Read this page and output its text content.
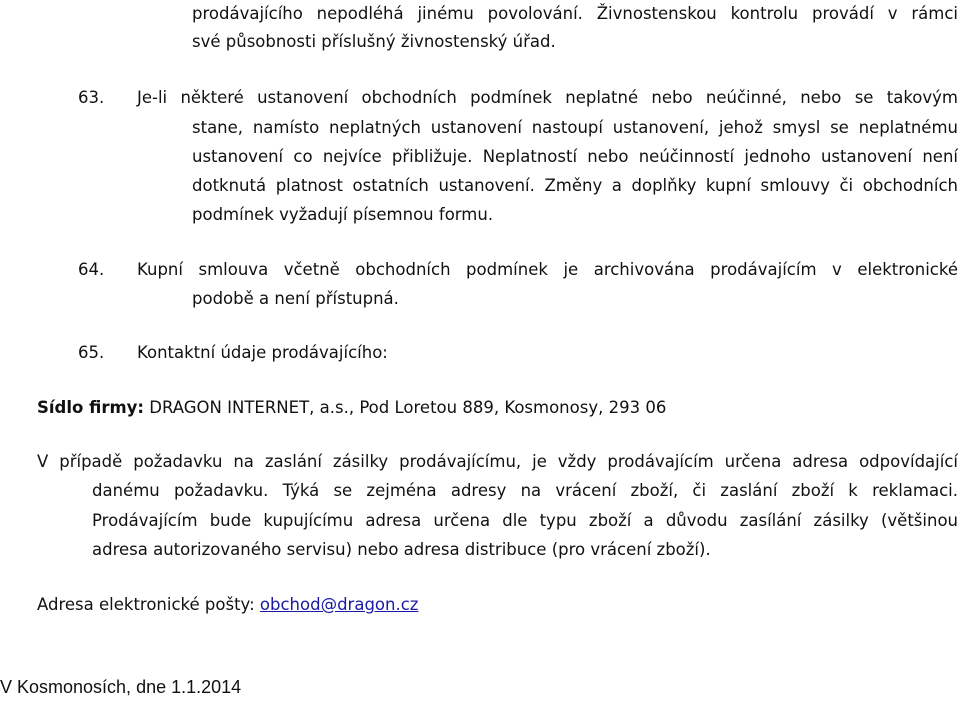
prodávajícího nepodléhá jinému povolování. Živnostenskou kontrolu provádí v rámci
své působnosti příslušný živnostenský úřad.
63. Je-li některé ustanovení obchodních podmínek neplatné nebo neúčinné, nebo se takovým
stane, namísto neplatných ustanovení nastoupí ustanovení, jehož smysl se neplatnému
ustanovení co nejvíce přibližuje. Neplatností nebo neúčinností jednoho ustanovení není
dotknutá platnost ostatních ustanovení. Změny a doplňky kupní smlouvy či obchodních
podmínek vyžadují písemnou formu.
64. Kupní smlouva včetně obchodních podmínek je archivována prodávajícím v elektronické
podobě a není přístupná.
65. Kontaktní údaje prodávajícího:
Sídlo firmy: DRAGON INTERNET, a.s., Pod Loretou 889, Kosmonosy, 293 06
V případě požadavku na zaslání zásilky prodávajícímu, je vždy prodávajícím určena adresa odpovídající
danému požadavku. Týká se zejména adresy na vrácení zboží, či zaslání zboží k reklamaci.
Prodávajícím bude kupujícímu adresa určena dle typu zboží a důvodu zasílání zásilky (většinou
adresa autorizovaného servisu) nebo adresa distribuce (pro vrácení zboží).
Adresa elektronické pošty: obchod@dragon.cz
V Kosmonosích, dne 1.1.2014
